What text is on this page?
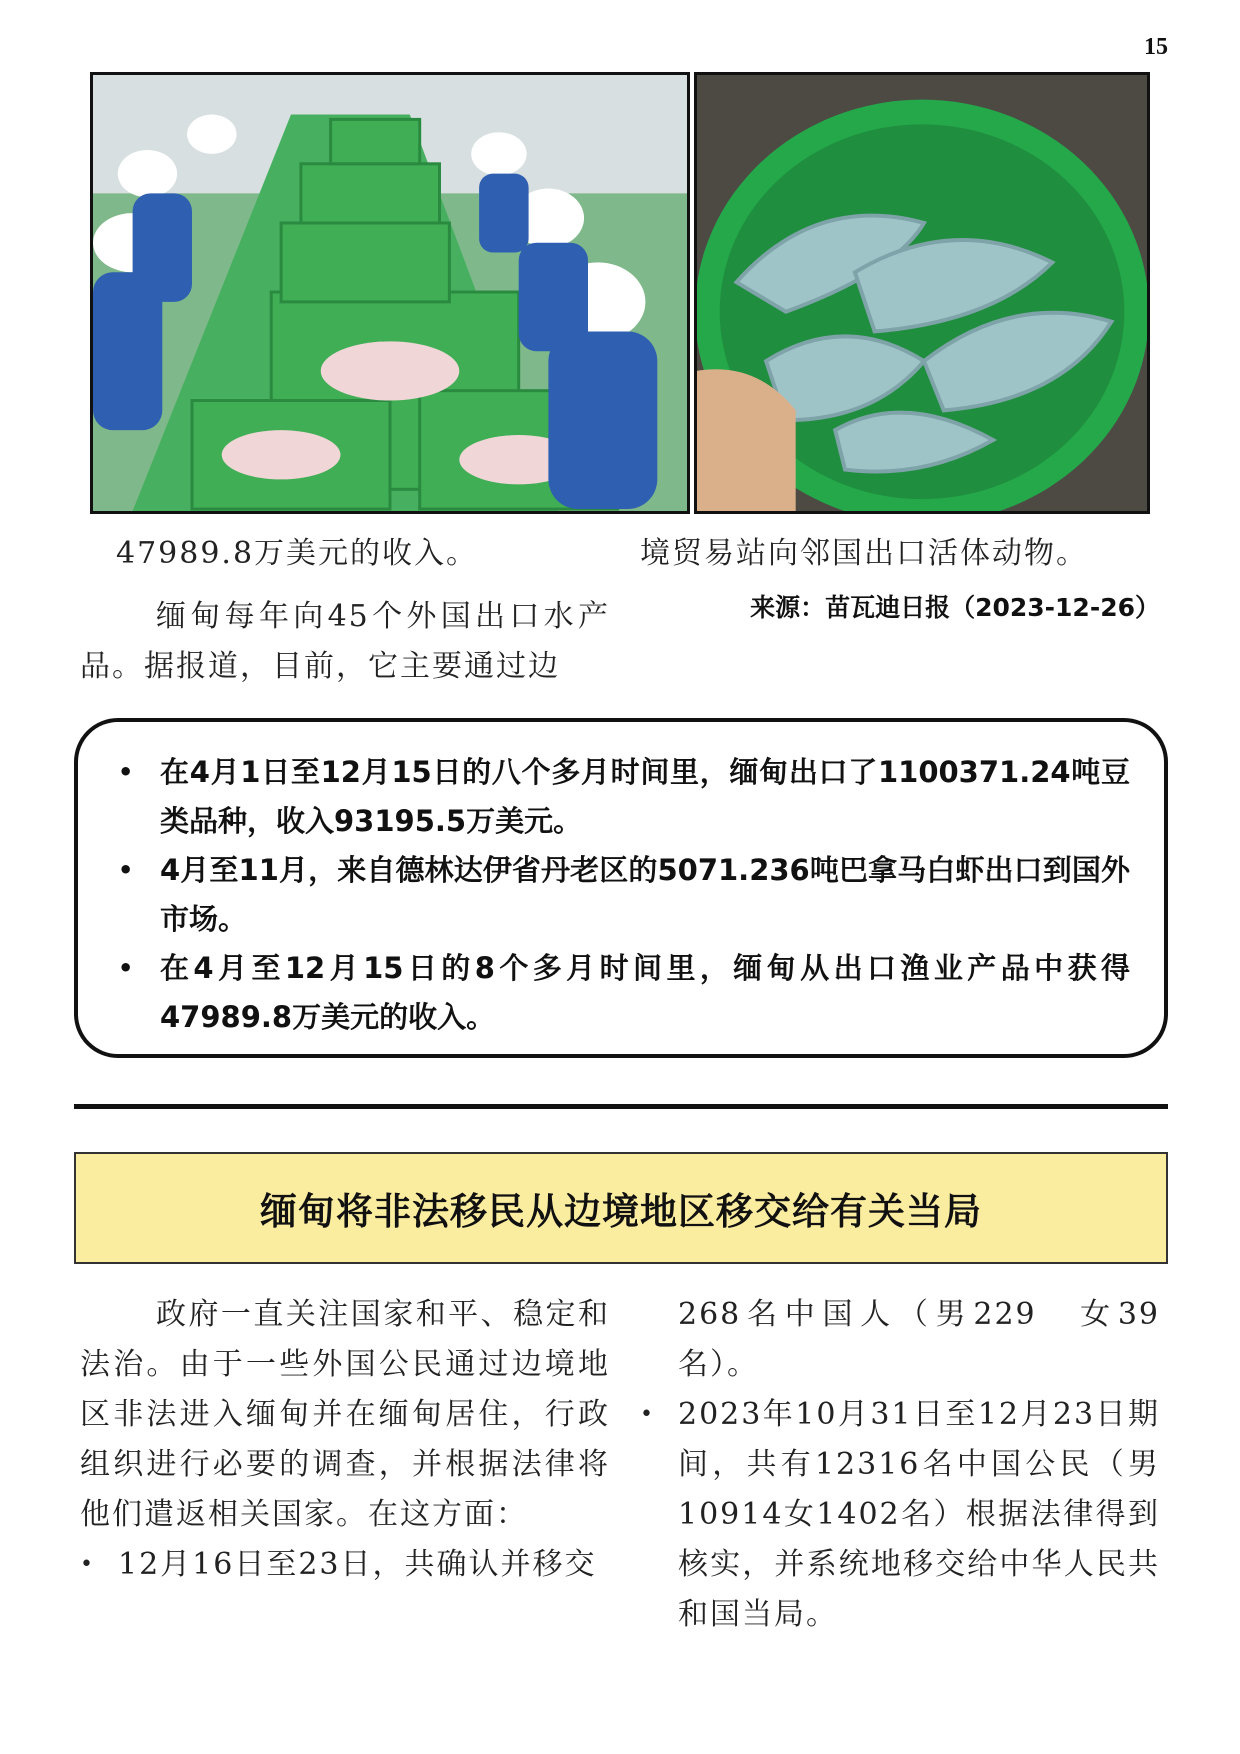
15
47989.8万美元的收入。

缅甸每年向45个外国出口水产品。据报道，目前，它主要通过边

境贸易站向邻国出口活体动物。
来源：苗瓦迪日报（2023-12-26）
• 在4月1日至12月15日的八个多月时间里，缅甸出口了1100371.24吨豆类品种，收入93195.5万美元。
• 4月至11月，来自德林达伊省丹老区的5071.236吨巴拿马白虾出口到国外市场。
• 在4月至12月15日的8个多月时间里，缅甸从出口渔业产品中获得47989.8万美元的收入。
缅甸将非法移民从边境地区移交给有关当局

政府一直关注国家和平、稳定和法治。由于一些外国公民通过边境地区非法进入缅甸并在缅甸居住，行政组织进行必要的调查，并根据法律将他们遣返相关国家。在这方面：

• 12月16日至23日，共确认并移交

268名中国人（男229　女39名）。

• 2023年10月31日至12月23日期间，共有12316名中国公民（男10914女1402名）根据法律得到核实，并系统地移交给中华人民共和国当局。
